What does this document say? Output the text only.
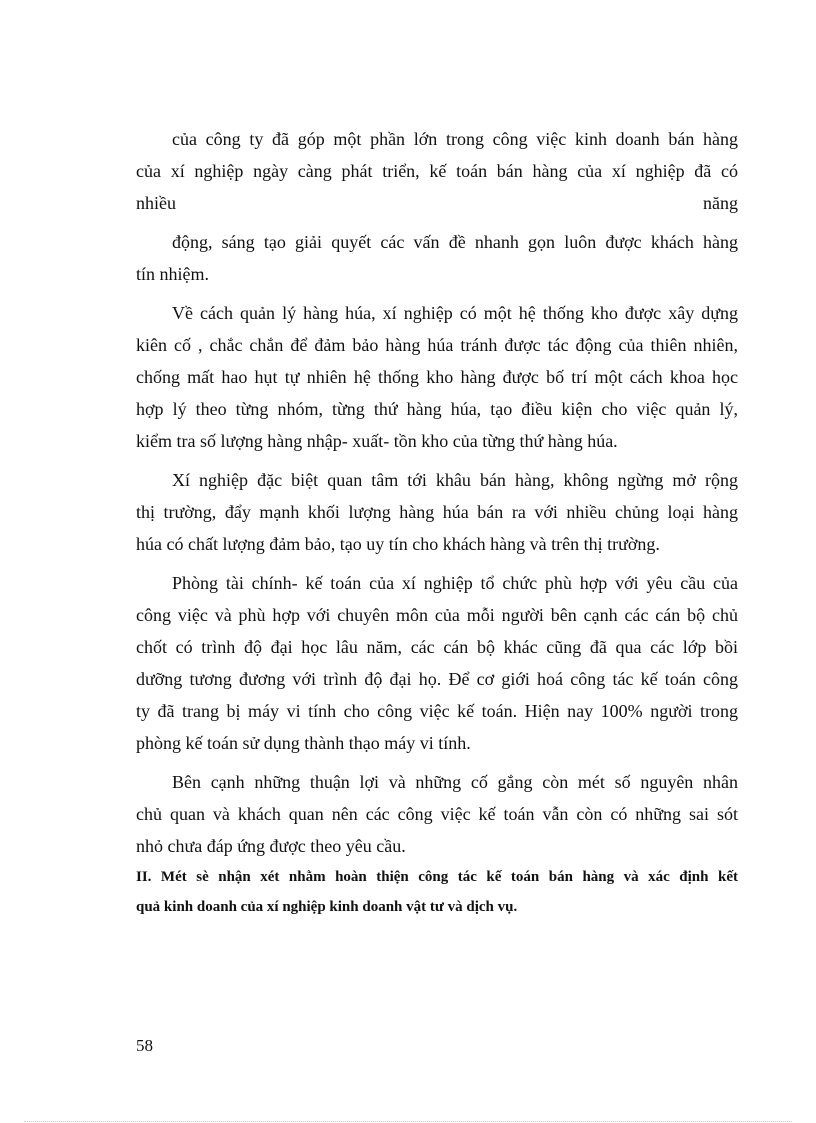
của công ty đã góp một phần lớn trong công việc kinh doanh bán hàng
của xí nghiệp ngày càng phát triển, kế toán bán hàng của xí nghiệp đã có
nhiều	năng
động, sáng tạo giải quyết các vấn đề nhanh gọn luôn được khách hàng
tín nhiệm.
Về cách quản lý hàng húa, xí nghiệp có một hệ thống kho được xây dựng
kiên cố , chắc chắn để đảm bảo hàng húa tránh được tác động của thiên nhiên,
chống mất hao hụt tự nhiên hệ thống kho hàng được bố trí một cách khoa học
hợp lý theo từng nhóm, từng thứ hàng húa, tạo điều kiện cho việc quản lý,
kiểm tra số lượng hàng nhập- xuất- tồn kho của từng thứ hàng húa.
Xí nghiệp đặc biệt quan tâm tới khâu bán hàng, không ngừng mở rộng
thị trường, đẩy mạnh khối lượng hàng húa bán ra với nhiều chủng loại hàng
húa có chất lượng đảm bảo, tạo uy tín cho khách hàng và trên thị trường.
Phòng tài chính- kế toán của xí nghiệp tổ chức phù hợp với yêu cầu của
công việc và phù hợp với chuyên môn của mỗi người bên cạnh các cán bộ chủ
chốt có trình độ đại học lâu năm, các cán bộ khác cũng đã qua các lớp bồi
dưỡng tương đương với trình độ đại họ. Để cơ giới hoá công tác kế toán công
ty đã trang bị máy vi tính cho công việc kế toán. Hiện nay 100% người trong
phòng kế toán sử dụng thành thạo máy vi tính.
Bên cạnh những thuận lợi và những cố gắng còn mét số nguyên nhân
chủ quan và khách quan nên các công việc kế toán vẫn còn có những sai sót
nhỏ chưa đáp ứng được theo yêu cầu.
II. Mét sè nhận xét nhằm hoàn thiện công tác kế toán bán hàng và xác định kết
quả kinh doanh của xí nghiệp kinh doanh vật tư và dịch vụ.
58
